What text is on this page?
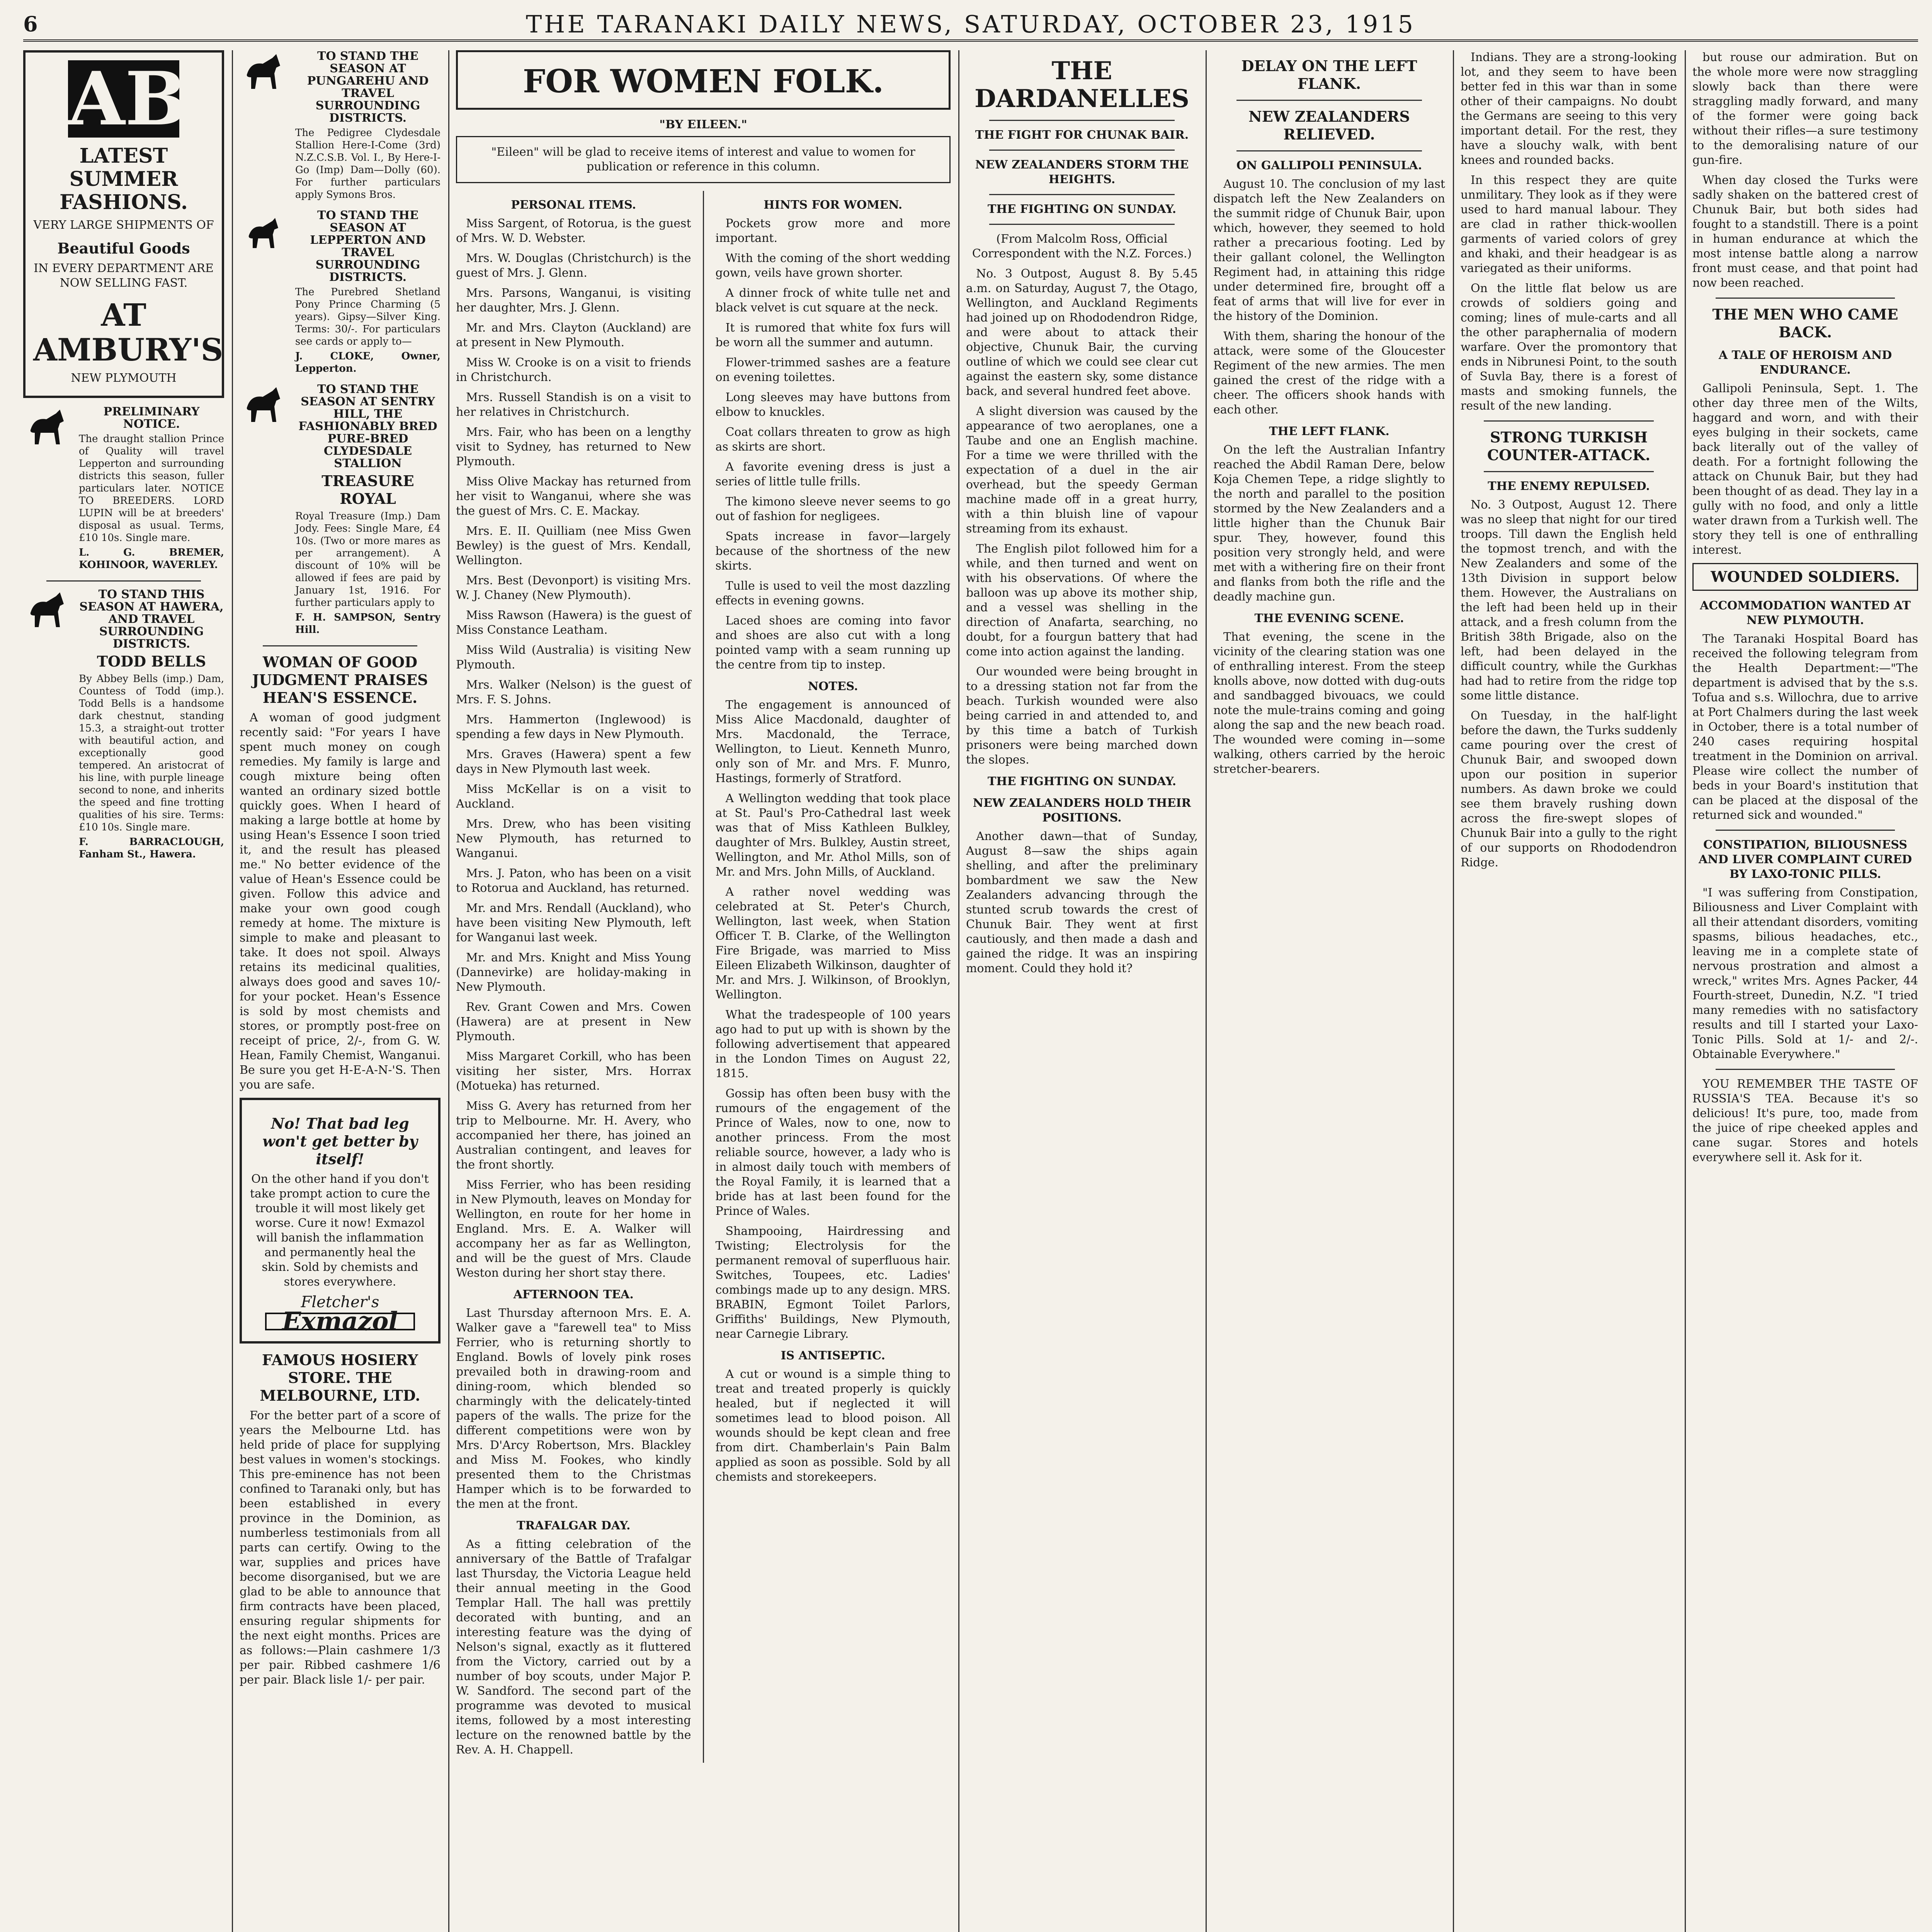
6	THE TARANAKI DAILY NEWS, SATURDAY, OCTOBER 23, 1915
AB
LATEST SUMMER FASHIONS.

VERY LARGE SHIPMENTS OF

Beautiful Goods

IN EVERY DEPARTMENT ARE NOW SELLING FAST.

AT AMBURY'S

NEW PLYMOUTH

PRELIMINARY NOTICE.

The draught stallion Prince of Quality will travel Lepperton and surrounding districts this season, fuller particulars later. NOTICE TO BREEDERS. LORD LUPIN will be at breeders' disposal as usual. Terms, £10 10s. Single mare.

L. G. BREMER, KOHINOOR, WAVERLEY.

TO STAND THIS SEASON AT HAWERA, AND TRAVEL SURROUNDING DISTRICTS.

TODD BELLS

By Abbey Bells (imp.) Dam, Countess of Todd (imp.). Todd Bells is a handsome dark chestnut, standing 15.3, a straight-out trotter with beautiful action, and exceptionally good tempered. An aristocrat of his line, with purple lineage second to none, and inherits the speed and fine trotting qualities of his sire. Terms: £10 10s. Single mare.

F. BARRACLOUGH, Fanham St., Hawera.

TO STAND THE SEASON AT PUNGAREHU AND TRAVEL SURROUNDING DISTRICTS.

The Pedigree Clydesdale Stallion Here-I-Come (3rd) N.Z.C.S.B. Vol. I., By Here-I-Go (Imp) Dam—Dolly (60). For further particulars apply Symons Bros.

TO STAND THE SEASON AT LEPPERTON AND TRAVEL SURROUNDING DISTRICTS.

The Purebred Shetland Pony Prince Charming (5 years). Gipsy—Silver King. Terms: 30/-. For particulars see cards or apply to—

J. CLOKE, Owner, Lepperton.

TO STAND THE SEASON AT SENTRY HILL, THE FASHIONABLY BRED PURE-BRED CLYDESDALE STALLION

TREASURE ROYAL

Royal Treasure (Imp.) Dam Jody. Fees: Single Mare, £4 10s. (Two or more mares as per arrangement). A discount of 10% will be allowed if fees are paid by January 1st, 1916. For further particulars apply to

F. H. SAMPSON, Sentry Hill.

WOMAN OF GOOD JUDGMENT PRAISES HEAN'S ESSENCE.

A woman of good judgment recently said: "For years I have spent much money on cough remedies. My family is large and cough mixture being often wanted an ordinary sized bottle quickly goes. When I heard of making a large bottle at home by using Hean's Essence I soon tried it, and the result has pleased me." No better evidence of the value of Hean's Essence could be given. Follow this advice and make your own good cough remedy at home. The mixture is simple to make and pleasant to take. It does not spoil. Always retains its medicinal qualities, always does good and saves 10/- for your pocket. Hean's Essence is sold by most chemists and stores, or promptly post-free on receipt of price, 2/-, from G. W. Hean, Family Chemist, Wanganui. Be sure you get H-E-A-N-'S. Then you are safe.

No! That bad leg won't get better by itself!

On the other hand if you don't take prompt action to cure the trouble it will most likely get worse. Cure it now! Exmazol will banish the inflammation and permanently heal the skin. Sold by chemists and stores everywhere.

Fletcher's
Exmazol
FAMOUS HOSIERY STORE. THE MELBOURNE, LTD.

For the better part of a score of years the Melbourne Ltd. has held pride of place for supplying best values in women's stockings. This pre-eminence has not been confined to Taranaki only, but has been established in every province in the Dominion, as numberless testimonials from all parts can certify. Owing to the war, supplies and prices have become disorganised, but we are glad to be able to announce that firm contracts have been placed, ensuring regular shipments for the next eight months. Prices are as follows:—Plain cashmere 1/3 per pair. Ribbed cashmere 1/6 per pair. Black lisle 1/- per pair.

FOR WOMEN FOLK.
"BY EILEEN."
"Eileen" will be glad to receive items of interest and value to women for publication or reference in this column.
PERSONAL ITEMS.

Miss Sargent, of Rotorua, is the guest of Mrs. W. D. Webster.

Mrs. W. Douglas (Christchurch) is the guest of Mrs. J. Glenn.

Mrs. Parsons, Wanganui, is visiting her daughter, Mrs. J. Glenn.

Mr. and Mrs. Clayton (Auckland) are at present in New Plymouth.

Miss W. Crooke is on a visit to friends in Christchurch.

Mrs. Russell Standish is on a visit to her relatives in Christchurch.

Mrs. Fair, who has been on a lengthy visit to Sydney, has returned to New Plymouth.

Miss Olive Mackay has returned from her visit to Wanganui, where she was the guest of Mrs. C. E. Mackay.

Mrs. E. II. Quilliam (nee Miss Gwen Bewley) is the guest of Mrs. Kendall, Wellington.

Mrs. Best (Devonport) is visiting Mrs. W. J. Chaney (New Plymouth).

Miss Rawson (Hawera) is the guest of Miss Constance Leatham.

Miss Wild (Australia) is visiting New Plymouth.

Mrs. Walker (Nelson) is the guest of Mrs. F. S. Johns.

Mrs. Hammerton (Inglewood) is spending a few days in New Plymouth.

Mrs. Graves (Hawera) spent a few days in New Plymouth last week.

Miss McKellar is on a visit to Auckland.

Mrs. Drew, who has been visiting New Plymouth, has returned to Wanganui.

Mrs. J. Paton, who has been on a visit to Rotorua and Auckland, has returned.

Mr. and Mrs. Rendall (Auckland), who have been visiting New Plymouth, left for Wanganui last week.

Mr. and Mrs. Knight and Miss Young (Dannevirke) are holiday-making in New Plymouth.

Rev. Grant Cowen and Mrs. Cowen (Hawera) are at present in New Plymouth.

Miss Margaret Corkill, who has been visiting her sister, Mrs. Horrax (Motueka) has returned.

Miss G. Avery has returned from her trip to Melbourne. Mr. H. Avery, who accompanied her there, has joined an Australian contingent, and leaves for the front shortly.

Miss Ferrier, who has been residing in New Plymouth, leaves on Monday for Wellington, en route for her home in England. Mrs. E. A. Walker will accompany her as far as Wellington, and will be the guest of Mrs. Claude Weston during her short stay there.

AFTERNOON TEA.

Last Thursday afternoon Mrs. E. A. Walker gave a "farewell tea" to Miss Ferrier, who is returning shortly to England. Bowls of lovely pink roses prevailed both in drawing-room and dining-room, which blended so charmingly with the delicately-tinted papers of the walls. The prize for the different competitions were won by Mrs. D'Arcy Robertson, Mrs. Blackley and Miss M. Fookes, who kindly presented them to the Christmas Hamper which is to be forwarded to the men at the front.

TRAFALGAR DAY.

As a fitting celebration of the anniversary of the Battle of Trafalgar last Thursday, the Victoria League held their annual meeting in the Good Templar Hall. The hall was prettily decorated with bunting, and an interesting feature was the dying of Nelson's signal, exactly as it fluttered from the Victory, carried out by a number of boy scouts, under Major P. W. Sandford. The second part of the programme was devoted to musical items, followed by a most interesting lecture on the renowned battle by the Rev. A. H. Chappell.

HINTS FOR WOMEN.

Pockets grow more and more important.

With the coming of the short wedding gown, veils have grown shorter.

A dinner frock of white tulle net and black velvet is cut square at the neck.

It is rumored that white fox furs will be worn all the summer and autumn.

Flower-trimmed sashes are a feature on evening toilettes.

Long sleeves may have buttons from elbow to knuckles.

Coat collars threaten to grow as high as skirts are short.

A favorite evening dress is just a series of little tulle frills.

The kimono sleeve never seems to go out of fashion for negligees.

Spats increase in favor—largely because of the shortness of the new skirts.

Tulle is used to veil the most dazzling effects in evening gowns.

Laced shoes are coming into favor and shoes are also cut with a long pointed vamp with a seam running up the centre from tip to instep.

NOTES.

The engagement is announced of Miss Alice Macdonald, daughter of Mrs. Macdonald, the Terrace, Wellington, to Lieut. Kenneth Munro, only son of Mr. and Mrs. F. Munro, Hastings, formerly of Stratford.

A Wellington wedding that took place at St. Paul's Pro-Cathedral last week was that of Miss Kathleen Bulkley, daughter of Mrs. Bulkley, Austin street, Wellington, and Mr. Athol Mills, son of Mr. and Mrs. John Mills, of Auckland.

A rather novel wedding was celebrated at St. Peter's Church, Wellington, last week, when Station Officer T. B. Clarke, of the Wellington Fire Brigade, was married to Miss Eileen Elizabeth Wilkinson, daughter of Mr. and Mrs. J. Wilkinson, of Brooklyn, Wellington.

What the tradespeople of 100 years ago had to put up with is shown by the following advertisement that appeared in the London Times on August 22, 1815.

Gossip has often been busy with the rumours of the engagement of the Prince of Wales, now to one, now to another princess. From the most reliable source, however, a lady who is in almost daily touch with members of the Royal Family, it is learned that a bride has at last been found for the Prince of Wales.

Shampooing, Hairdressing and Twisting; Electrolysis for the permanent removal of superfluous hair. Switches, Toupees, etc. Ladies' combings made up to any design. MRS. BRABIN, Egmont Toilet Parlors, Griffiths' Buildings, New Plymouth, near Carnegie Library.

IS ANTISEPTIC.

A cut or wound is a simple thing to treat and treated properly is quickly healed, but if neglected it will sometimes lead to blood poison. All wounds should be kept clean and free from dirt. Chamberlain's Pain Balm applied as soon as possible. Sold by all chemists and storekeepers.

THE DARDANELLES
THE FIGHT FOR CHUNAK BAIR.
NEW ZEALANDERS STORM THE HEIGHTS.
THE FIGHTING ON SUNDAY.

(From Malcolm Ross, Official Correspondent with the N.Z. Forces.)

No. 3 Outpost, August 8. By 5.45 a.m. on Saturday, August 7, the Otago, Wellington, and Auckland Regiments had joined up on Rhododendron Ridge, and were about to attack their objective, Chunuk Bair, the curving outline of which we could see clear cut against the eastern sky, some distance back, and several hundred feet above.

A slight diversion was caused by the appearance of two aeroplanes, one a Taube and one an English machine. For a time we were thrilled with the expectation of a duel in the air overhead, but the speedy German machine made off in a great hurry, with a thin bluish line of vapour streaming from its exhaust.

The English pilot followed him for a while, and then turned and went on with his observations. Of where the balloon was up above its mother ship, and a vessel was shelling in the direction of Anafarta, searching, no doubt, for a fourgun battery that had come into action against the landing.

Our wounded were being brought in to a dressing station not far from the beach. Turkish wounded were also being carried in and attended to, and by this time a batch of Turkish prisoners were being marched down the slopes.

THE FIGHTING ON SUNDAY.
NEW ZEALANDERS HOLD THEIR POSITIONS.

Another dawn—that of Sunday, August 8—saw the ships again shelling, and after the preliminary bombardment we saw the New Zealanders advancing through the stunted scrub towards the crest of Chunuk Bair. They went at first cautiously, and then made a dash and gained the ridge. It was an inspiring moment. Could they hold it?

DELAY ON THE LEFT FLANK.
NEW ZEALANDERS RELIEVED.
ON GALLIPOLI PENINSULA.

August 10. The conclusion of my last dispatch left the New Zealanders on the summit ridge of Chunuk Bair, upon which, however, they seemed to hold rather a precarious footing. Led by their gallant colonel, the Wellington Regiment had, in attaining this ridge under determined fire, brought off a feat of arms that will live for ever in the history of the Dominion.

With them, sharing the honour of the attack, were some of the Gloucester Regiment of the new armies. The men gained the crest of the ridge with a cheer. The officers shook hands with each other.

THE LEFT FLANK.

On the left the Australian Infantry reached the Abdil Raman Dere, below Koja Chemen Tepe, a ridge slightly to the north and parallel to the position stormed by the New Zealanders and a little higher than the Chunuk Bair spur. They, however, found this position very strongly held, and were met with a withering fire on their front and flanks from both the rifle and the deadly machine gun.

THE EVENING SCENE.

That evening, the scene in the vicinity of the clearing station was one of enthralling interest. From the steep knolls above, now dotted with dug-outs and sandbagged bivouacs, we could note the mule-trains coming and going along the sap and the new beach road. The wounded were coming in—some walking, others carried by the heroic stretcher-bearers.

Indians. They are a strong-looking lot, and they seem to have been better fed in this war than in some other of their campaigns. No doubt the Germans are seeing to this very important detail. For the rest, they have a slouchy walk, with bent knees and rounded backs.

In this respect they are quite unmilitary. They look as if they were used to hard manual labour. They are clad in rather thick-woollen garments of varied colors of grey and khaki, and their headgear is as variegated as their uniforms.

On the little flat below us are crowds of soldiers going and coming; lines of mule-carts and all the other paraphernalia of modern warfare. Over the promontory that ends in Nibrunesi Point, to the south of Suvla Bay, there is a forest of masts and smoking funnels, the result of the new landing.

STRONG TURKISH COUNTER-ATTACK.
THE ENEMY REPULSED.

No. 3 Outpost, August 12. There was no sleep that night for our tired troops. Till dawn the English held the topmost trench, and with the New Zealanders and some of the 13th Division in support below them. However, the Australians on the left had been held up in their attack, and a fresh column from the British 38th Brigade, also on the left, had been delayed in the difficult country, while the Gurkhas had had to retire from the ridge top some little distance.

On Tuesday, in the half-light before the dawn, the Turks suddenly came pouring over the crest of Chunuk Bair, and swooped down upon our position in superior numbers. As dawn broke we could see them bravely rushing down across the fire-swept slopes of Chunuk Bair into a gully to the right of our supports on Rhododendron Ridge.

but rouse our admiration. But on the whole more were now straggling slowly back than there were straggling madly forward, and many of the former were going back without their rifles—a sure testimony to the demoralising nature of our gun-fire.

When day closed the Turks were sadly shaken on the battered crest of Chunuk Bair, but both sides had fought to a standstill. There is a point in human endurance at which the most intense battle along a narrow front must cease, and that point had now been reached.

THE MEN WHO CAME BACK.
A TALE OF HEROISM AND ENDURANCE.

Gallipoli Peninsula, Sept. 1. The other day three men of the Wilts, haggard and worn, and with their eyes bulging in their sockets, came back literally out of the valley of death. For a fortnight following the attack on Chunuk Bair, but they had been thought of as dead. They lay in a gully with no food, and only a little water drawn from a Turkish well. The story they tell is one of enthralling interest.

WOUNDED SOLDIERS.
ACCOMMODATION WANTED AT NEW PLYMOUTH.

The Taranaki Hospital Board has received the following telegram from the Health Department:—"The department is advised that by the s.s. Tofua and s.s. Willochra, due to arrive at Port Chalmers during the last week in October, there is a total number of 240 cases requiring hospital treatment in the Dominion on arrival. Please wire collect the number of beds in your Board's institution that can be placed at the disposal of the returned sick and wounded."

CONSTIPATION, BILIOUSNESS AND LIVER COMPLAINT CURED BY LAXO-TONIC PILLS.

"I was suffering from Constipation, Biliousness and Liver Complaint with all their attendant disorders, vomiting spasms, bilious headaches, etc., leaving me in a complete state of nervous prostration and almost a wreck," writes Mrs. Agnes Packer, 44 Fourth-street, Dunedin, N.Z. "I tried many remedies with no satisfactory results and till I started your Laxo-Tonic Pills. Sold at 1/- and 2/-. Obtainable Everywhere."

YOU REMEMBER THE TASTE OF RUSSIA'S TEA. Because it's so delicious! It's pure, too, made from the juice of ripe cheeked apples and cane sugar. Stores and hotels everywhere sell it. Ask for it.
